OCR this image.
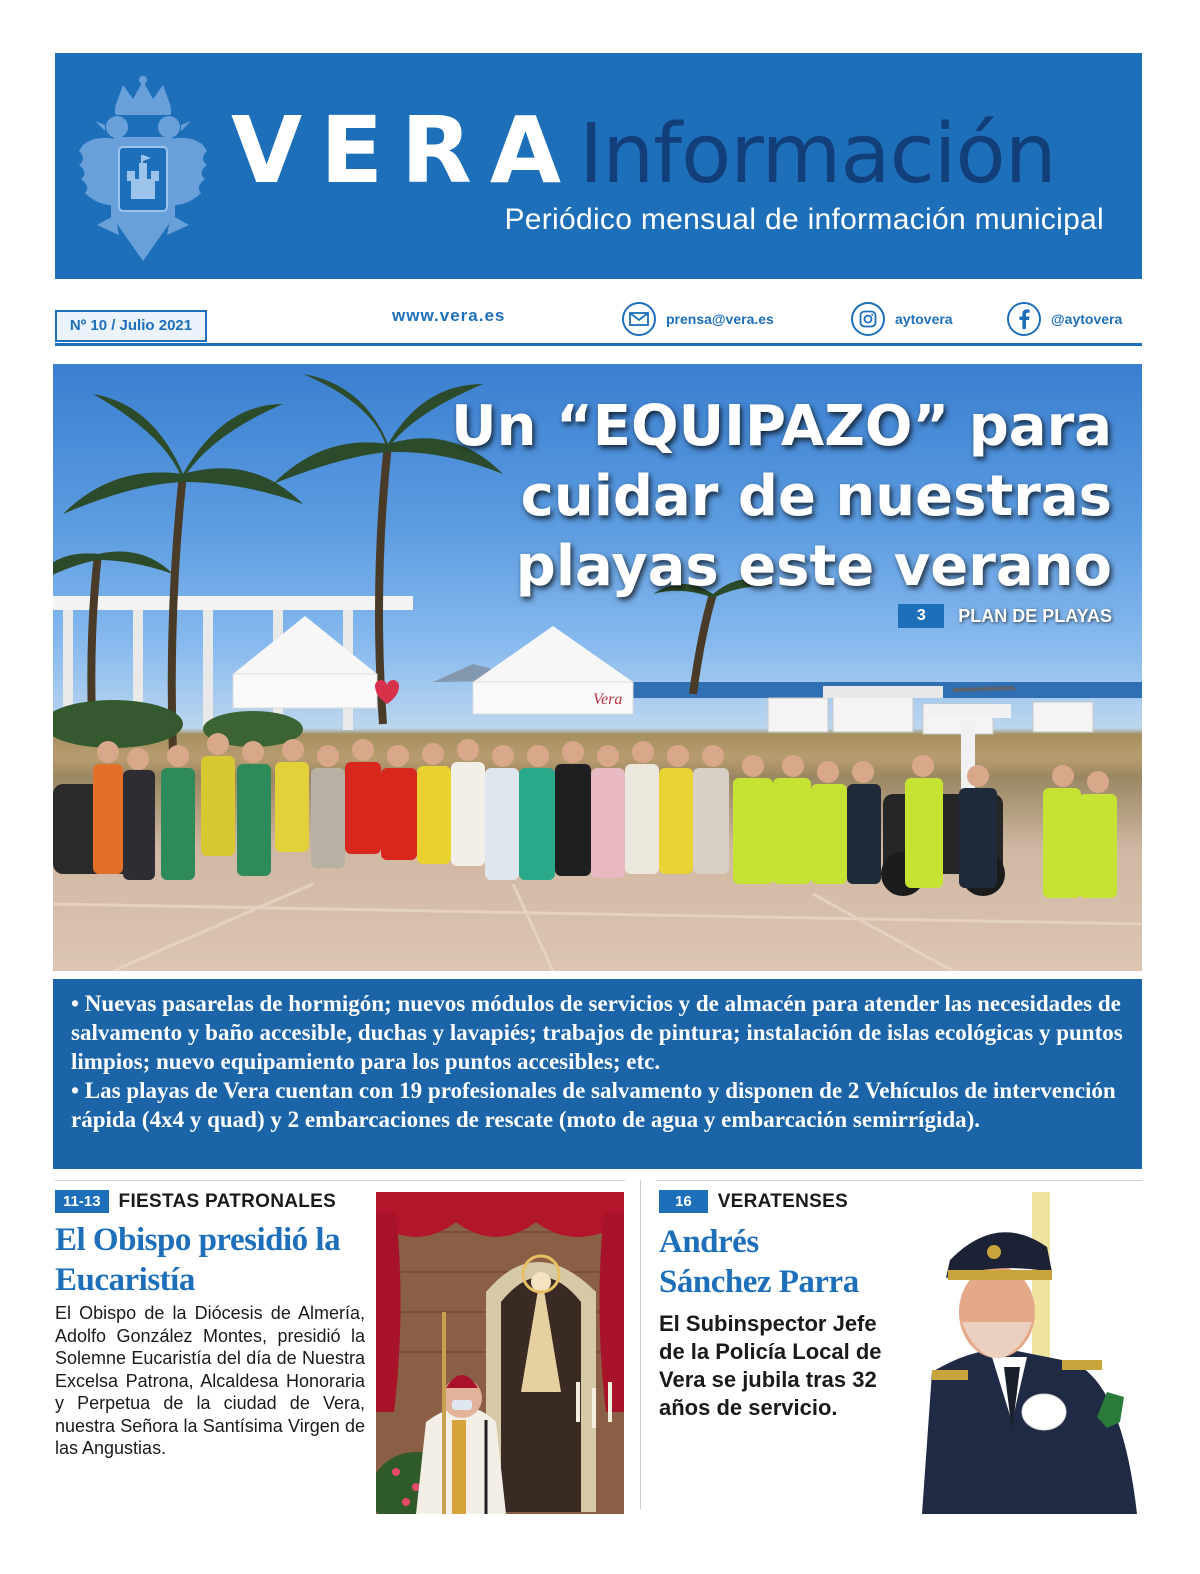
VERAInformación
Periódico mensual de información municipal
Nº 10 / Julio 2021
www.vera.es	prensa@vera.es	aytovera	@aytovera
Vera
Un “EQUIPAZO” para
cuidar de nuestras
playas este verano
3	PLAN DE PLAYAS

• Nuevas pasarelas de hormigón; nuevos módulos de servicios y de almacén para atender las necesidades de salvamento y baño accesible, duchas y lavapiés; trabajos de pintura; instalación de islas ecológicas y puntos limpios; nuevo equipamiento para los puntos accesibles; etc.

• Las playas de Vera cuentan con 19 profesionales de salvamento y disponen de 2 Vehículos de intervención rápida (4x4 y quad) y 2 embarcaciones de rescate (moto de agua y embarcación semirrígida).

11-13 FIESTAS PATRONALES
El Obispo presidió la
Eucaristía
El Obispo de la Diócesis de Almería, Adolfo González Montes, presidió la Solemne Eucaristía del día de Nuestra Excelsa Patrona, Alcaldesa Honoraria y Perpetua de la ciudad de Vera, nuestra Señora la Santísima Virgen de las Angustias.
16	VERATENSES
Andrés
Sánchez Parra
El Subinspector Jefe de la Policía Local de Vera se jubila tras 32 años de servicio.
